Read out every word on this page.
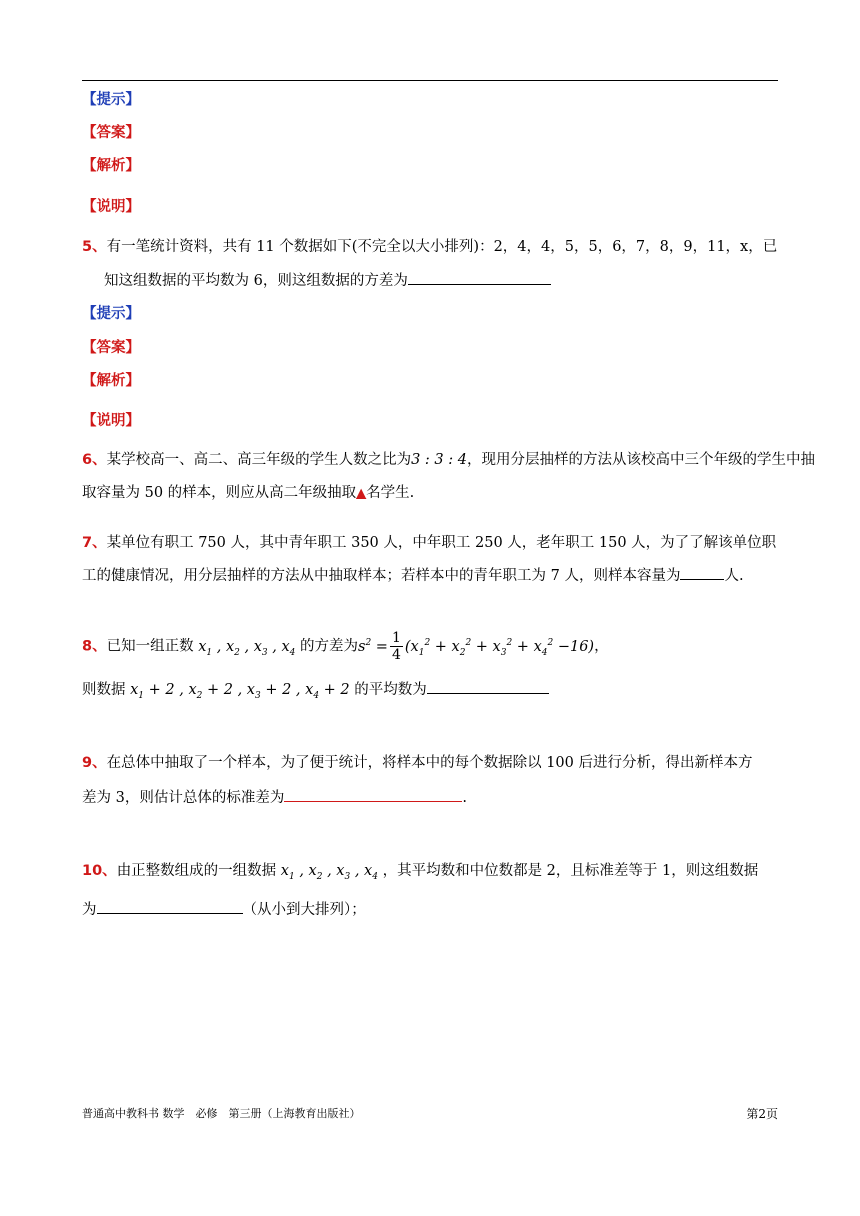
【提示】
【答案】
【解析】
【说明】
5、有一笔统计资料，共有 11 个数据如下(不完全以大小排列)：2，4，4，5，5，6，7，8，9，11，x，已
知这组数据的平均数为 6，则这组数据的方差为
【提示】
【答案】
【解析】
【说明】
6、某学校高一、高二、高三年级的学生人数之比为3 : 3 : 4，现用分层抽样的方法从该校高中三个年级的学生中抽
取容量为 50 的样本，则应从高二年级抽取▲名学生.
7、某单位有职工 750 人，其中青年职工 350 人，中年职工 250 人，老年职工 150 人，为了了解该单位职
工的健康情况，用分层抽样的方法从中抽取样本；若样本中的青年职工为 7 人，则样本容量为	人.
8、已知一组正数 $x_1$ , $x_2$ , $x_3$ , $x_4$ 的方差为$s^2 = \frac{1}{4} (x_1^2 + x_2^2 + x_3^2 + x_4^2 -16)$，
则数据 $x_1 + 2$ , $x_2 + 2$ , $x_3 + 2$ , $x_4 + 2$ 的平均数为
9、在总体中抽取了一个样本，为了便于统计，将样本中的每个数据除以 100 后进行分析，得出新样本方
差为 3，则估计总体的标准差为	.
10、由正整数组成的一组数据 $x_1$ , $x_2$ , $x_3$ , $x_4$ ，其平均数和中位数都是 2，且标准差等于 1，则这组数据
为	（从小到大排列）；
普通高中教科书 数学　必修　第三册（上海教育出版社）	第2页
